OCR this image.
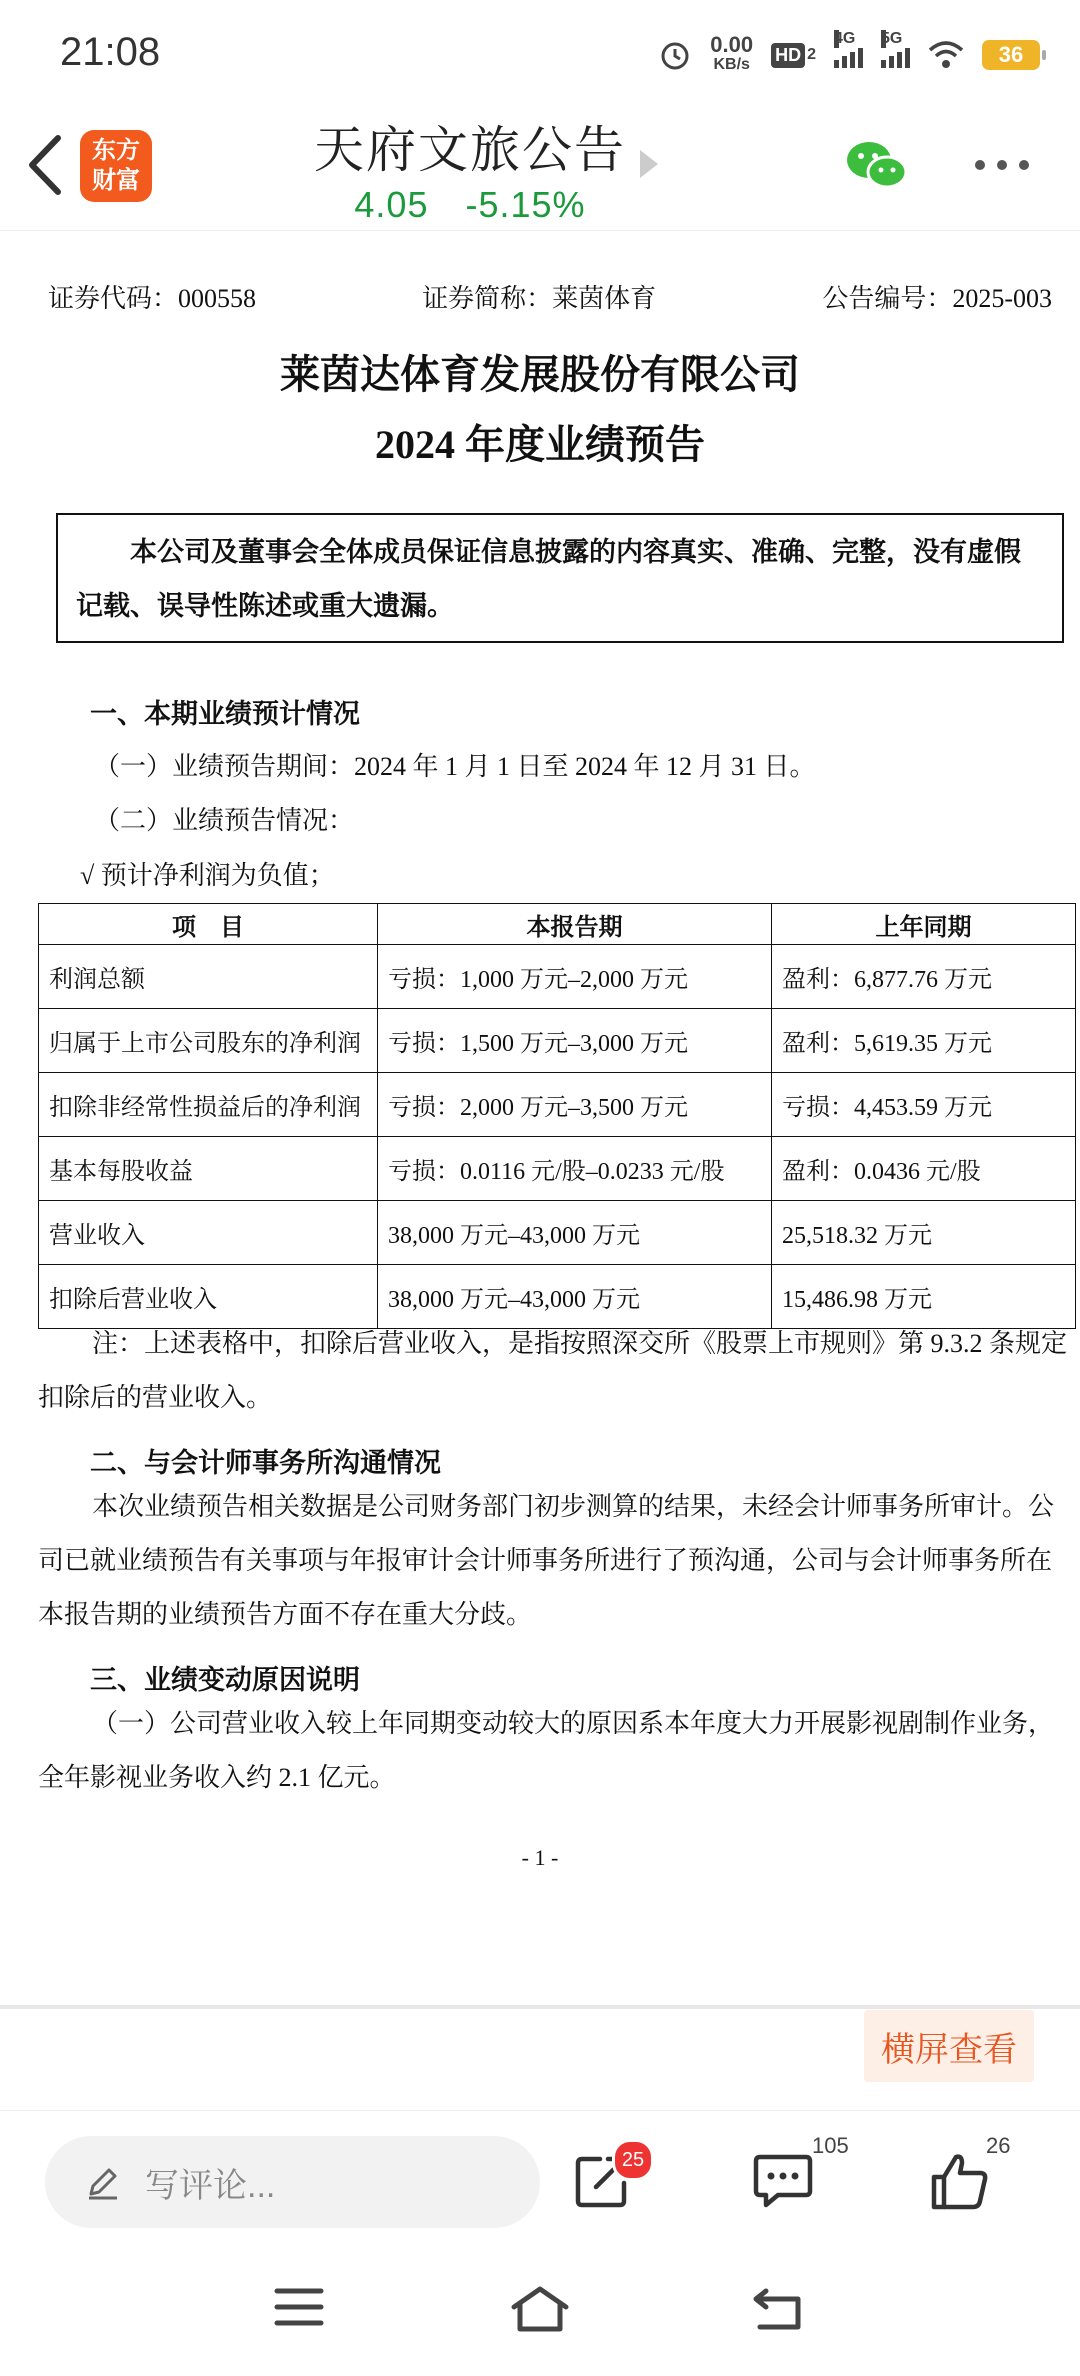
21:08	0.00
KB/s HD 2
4G 5G
36
东方
财富
天府文旅公告
4.05 -5.15%
证券代码：000558	证券简称：莱茵体育	公告编号：2025-003
莱茵达体育发展股份有限公司
2024 年度业绩预告

本公司及董事会全体成员保证信息披露的内容真实、准确、完整，没有虚假记载、误导性陈述或重大遗漏。

一、本期业绩预计情况
（一）业绩预告期间：2024 年 1 月 1 日至 2024 年 12 月 31 日。
（二）业绩预告情况：
√ 预计净利润为负值；
项　目	本报告期	上年同期
利润总额	亏损：1,000 万元–2,000 万元	盈利：6,877.76 万元
归属于上市公司股东的净利润	亏损：1,500 万元–3,000 万元	盈利：5,619.35 万元
扣除非经常性损益后的净利润	亏损：2,000 万元–3,500 万元	亏损：4,453.59 万元
基本每股收益	亏损：0.0116 元/股–0.0233 元/股	盈利：0.0436 元/股
营业收入	38,000 万元–43,000 万元	25,518.32 万元
扣除后营业收入	38,000 万元–43,000 万元	15,486.98 万元
注：上述表格中，扣除后营业收入，是指按照深交所《股票上市规则》第 9.3.2 条规定扣除后的营业收入。
二、与会计师事务所沟通情况
本次业绩预告相关数据是公司财务部门初步测算的结果，未经会计师事务所审计。公司已就业绩预告有关事项与年报审计会计师事务所进行了预沟通，公司与会计师事务所在本报告期的业绩预告方面不存在重大分歧。
三、业绩变动原因说明
（一）公司营业收入较上年同期变动较大的原因系本年度大力开展影视剧制作业务，全年影视业务收入约 2.1 亿元。
- 1 -
横屏查看
写评论...
25
105	26
